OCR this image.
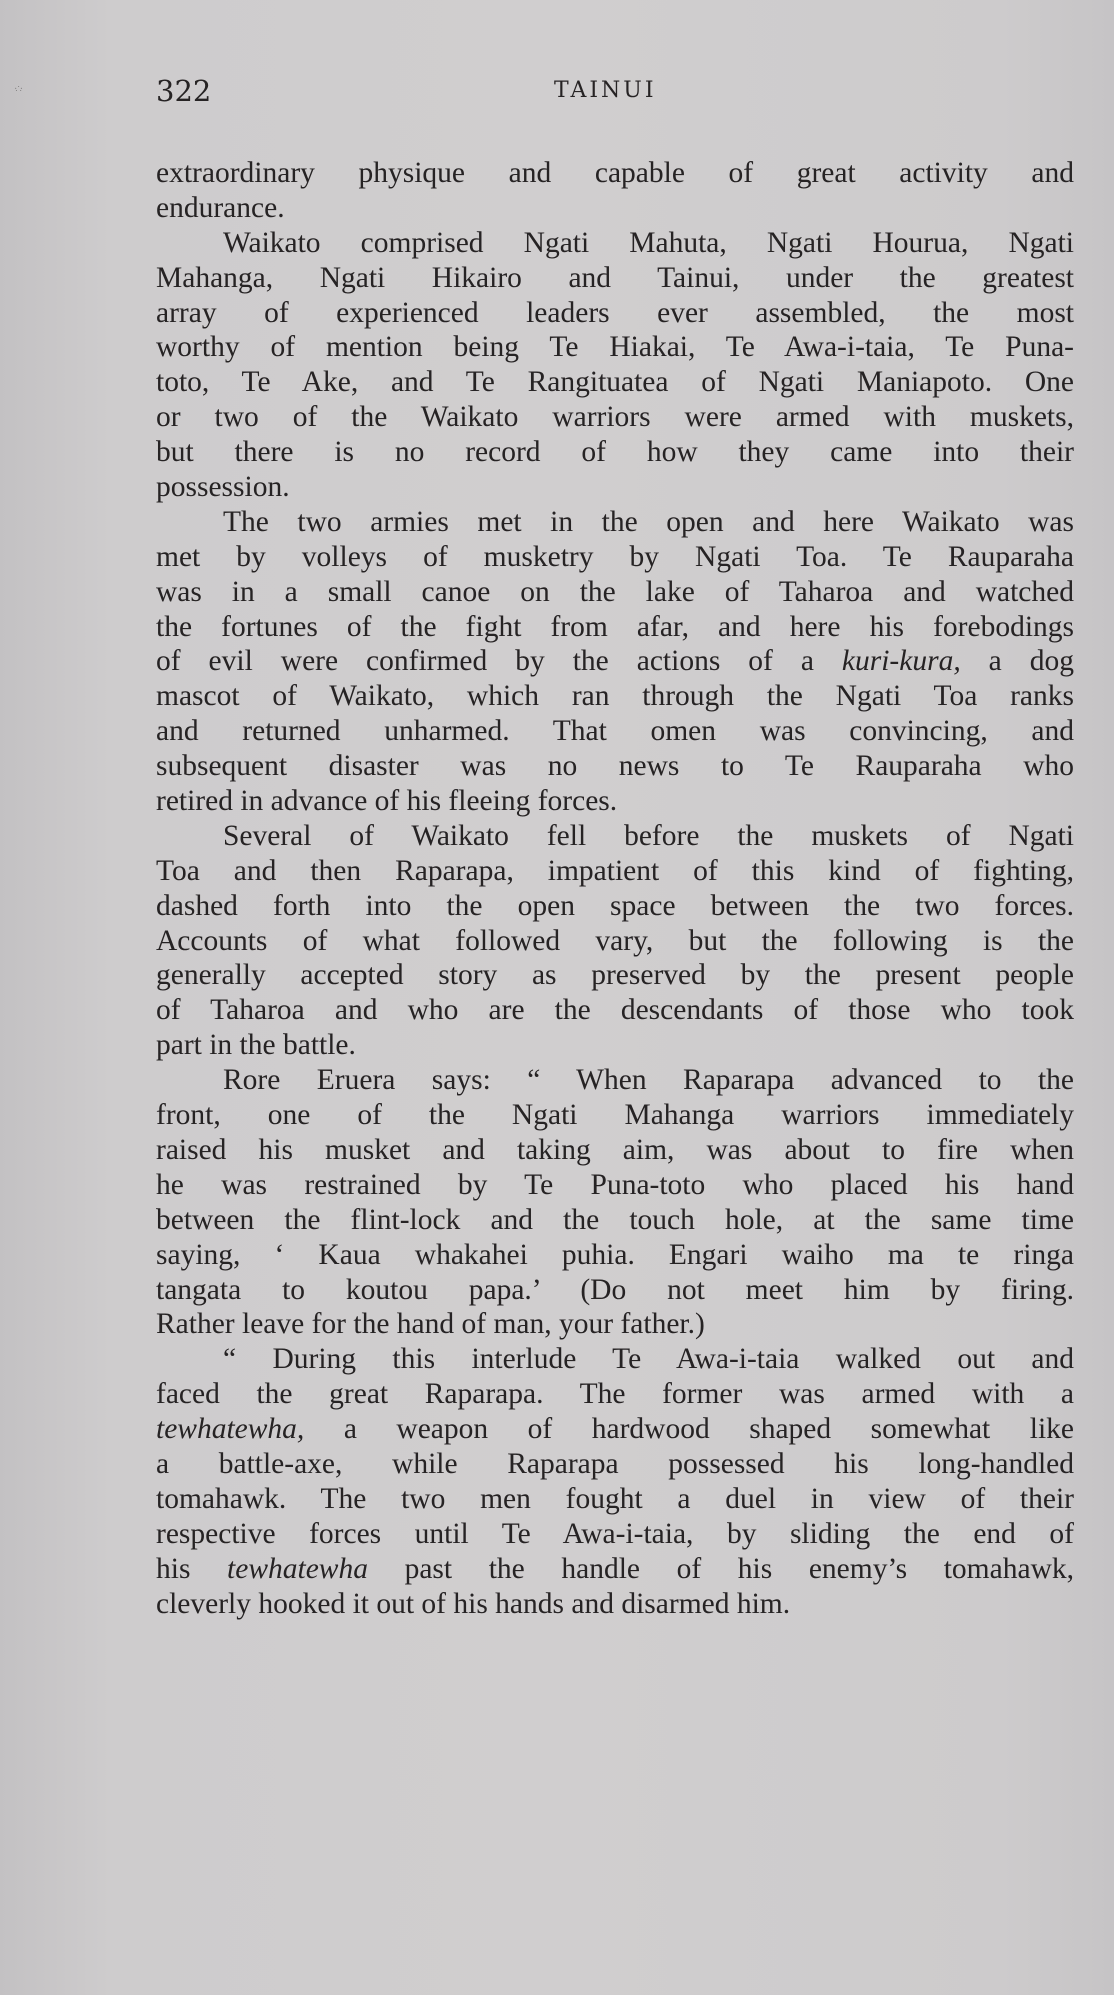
·∴·	322	TAINUI
extraordinary physique and capable of great activity and
endurance.
Waikato comprised Ngati Mahuta, Ngati Hourua, Ngati
Mahanga, Ngati Hikairo and Tainui, under the greatest
array of experienced leaders ever assembled, the most
worthy of mention being Te Hiakai, Te Awa-i-taia, Te Puna-
toto, Te Ake, and Te Rangituatea of Ngati Maniapoto. One
or two of the Waikato warriors were armed with muskets,
but there is no record of how they came into their
possession.
The two armies met in the open and here Waikato was
met by volleys of musketry by Ngati Toa. Te Rauparaha
was in a small canoe on the lake of Taharoa and watched
the fortunes of the fight from afar, and here his forebodings
of evil were confirmed by the actions of a kuri-kura, a dog
mascot of Waikato, which ran through the Ngati Toa ranks
and returned unharmed. That omen was convincing, and
subsequent disaster was no news to Te Rauparaha who
retired in advance of his fleeing forces.
Several of Waikato fell before the muskets of Ngati
Toa and then Raparapa, impatient of this kind of fighting,
dashed forth into the open space between the two forces.
Accounts of what followed vary, but the following is the
generally accepted story as preserved by the present people
of Taharoa and who are the descendants of those who took
part in the battle.
Rore Eruera says: “ When Raparapa advanced to the
front, one of the Ngati Mahanga warriors immediately
raised his musket and taking aim, was about to fire when
he was restrained by Te Puna-toto who placed his hand
between the flint-lock and the touch hole, at the same time
saying, ‘ Kaua whakahei puhia. Engari waiho ma te ringa
tangata to koutou papa.’ (Do not meet him by firing.
Rather leave for the hand of man, your father.)
“ During this interlude Te Awa-i-taia walked out and
faced the great Raparapa. The former was armed with a
tewhatewha, a weapon of hardwood shaped somewhat like
a battle-axe, while Raparapa possessed his long-handled
tomahawk. The two men fought a duel in view of their
respective forces until Te Awa-i-taia, by sliding the end of
his tewhatewha past the handle of his enemy’s tomahawk,
cleverly hooked it out of his hands and disarmed him.
